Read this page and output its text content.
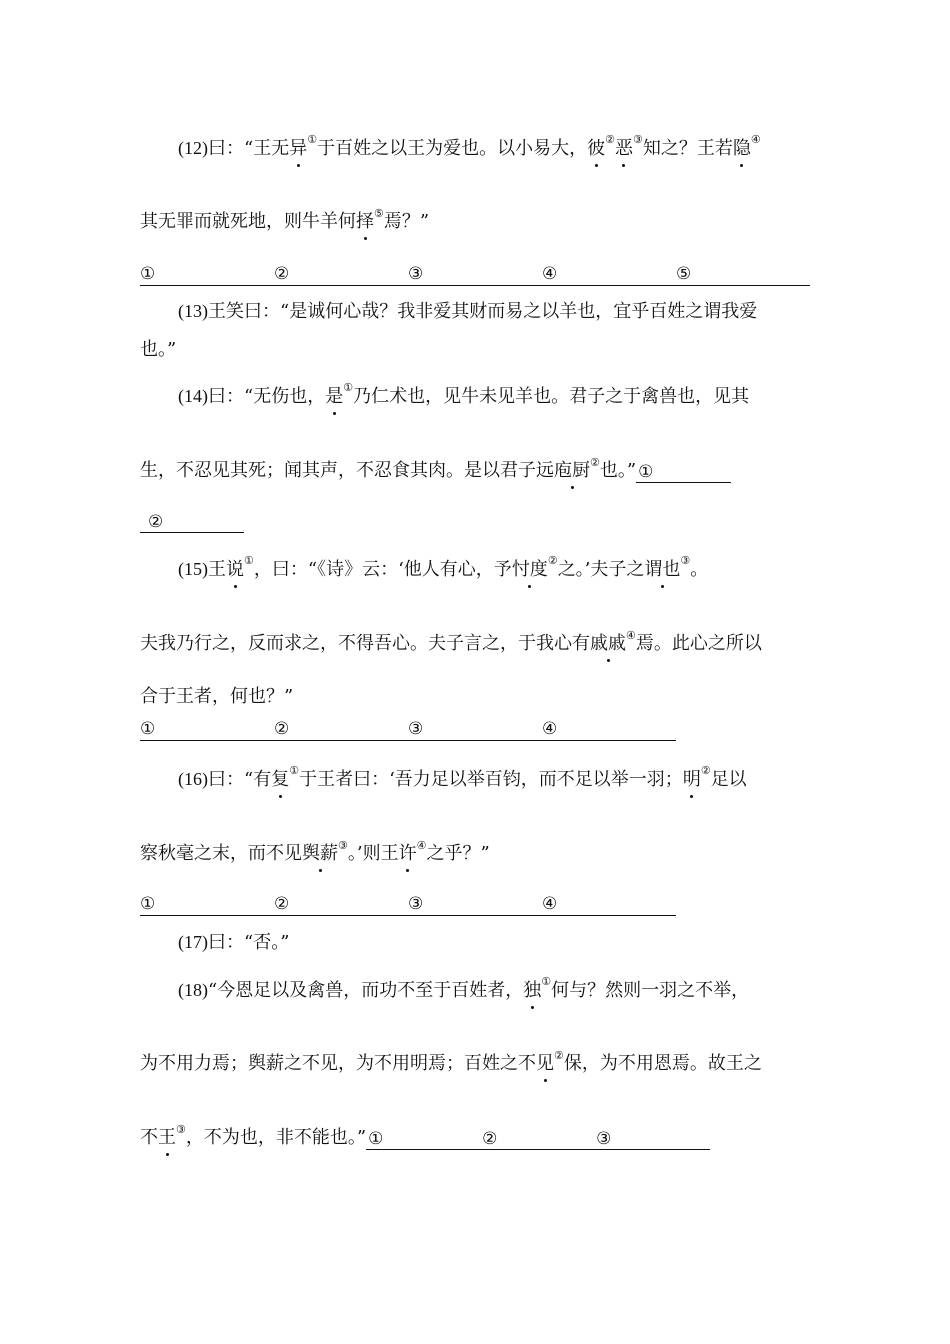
(12)曰：“王无异①于百姓之以王为爱也。以小易大，彼②恶③知之？王若隐④
其无罪而就死地，则牛羊何择⑤焉？”
①	②	③	④	⑤
(13)王笑曰：“是诚何心哉？我非爱其财而易之以羊也，宜乎百姓之谓我爱
也。”
(14)曰：“无伤也，是①乃仁术也，见牛未见羊也。君子之于禽兽也，见其
生，不忍见其死；闻其声，不忍食其肉。是以君子远庖厨②也。” ①
②
(15)王说①，曰：“《诗》云：‘他人有心，予忖度②之。’夫子之谓也③。
夫我乃行之，反而求之，不得吾心。夫子言之，于我心有戚戚④焉。此心之所以
合于王者，何也？”
①	②	③	④
(16)曰：“有复①于王者曰：‘吾力足以举百钧，而不足以举一羽；明②足以
察秋毫之末，而不见舆薪③。’则王许④之乎？”
①	②	③	④
(17)曰：“否。”
(18)“今恩足以及禽兽，而功不至于百姓者，独①何与？然则一羽之不举，
为不用力焉；舆薪之不见，为不用明焉；百姓之不见②保，为不用恩焉。故王之
不王③，不为也，非不能也。” ①	②	③
